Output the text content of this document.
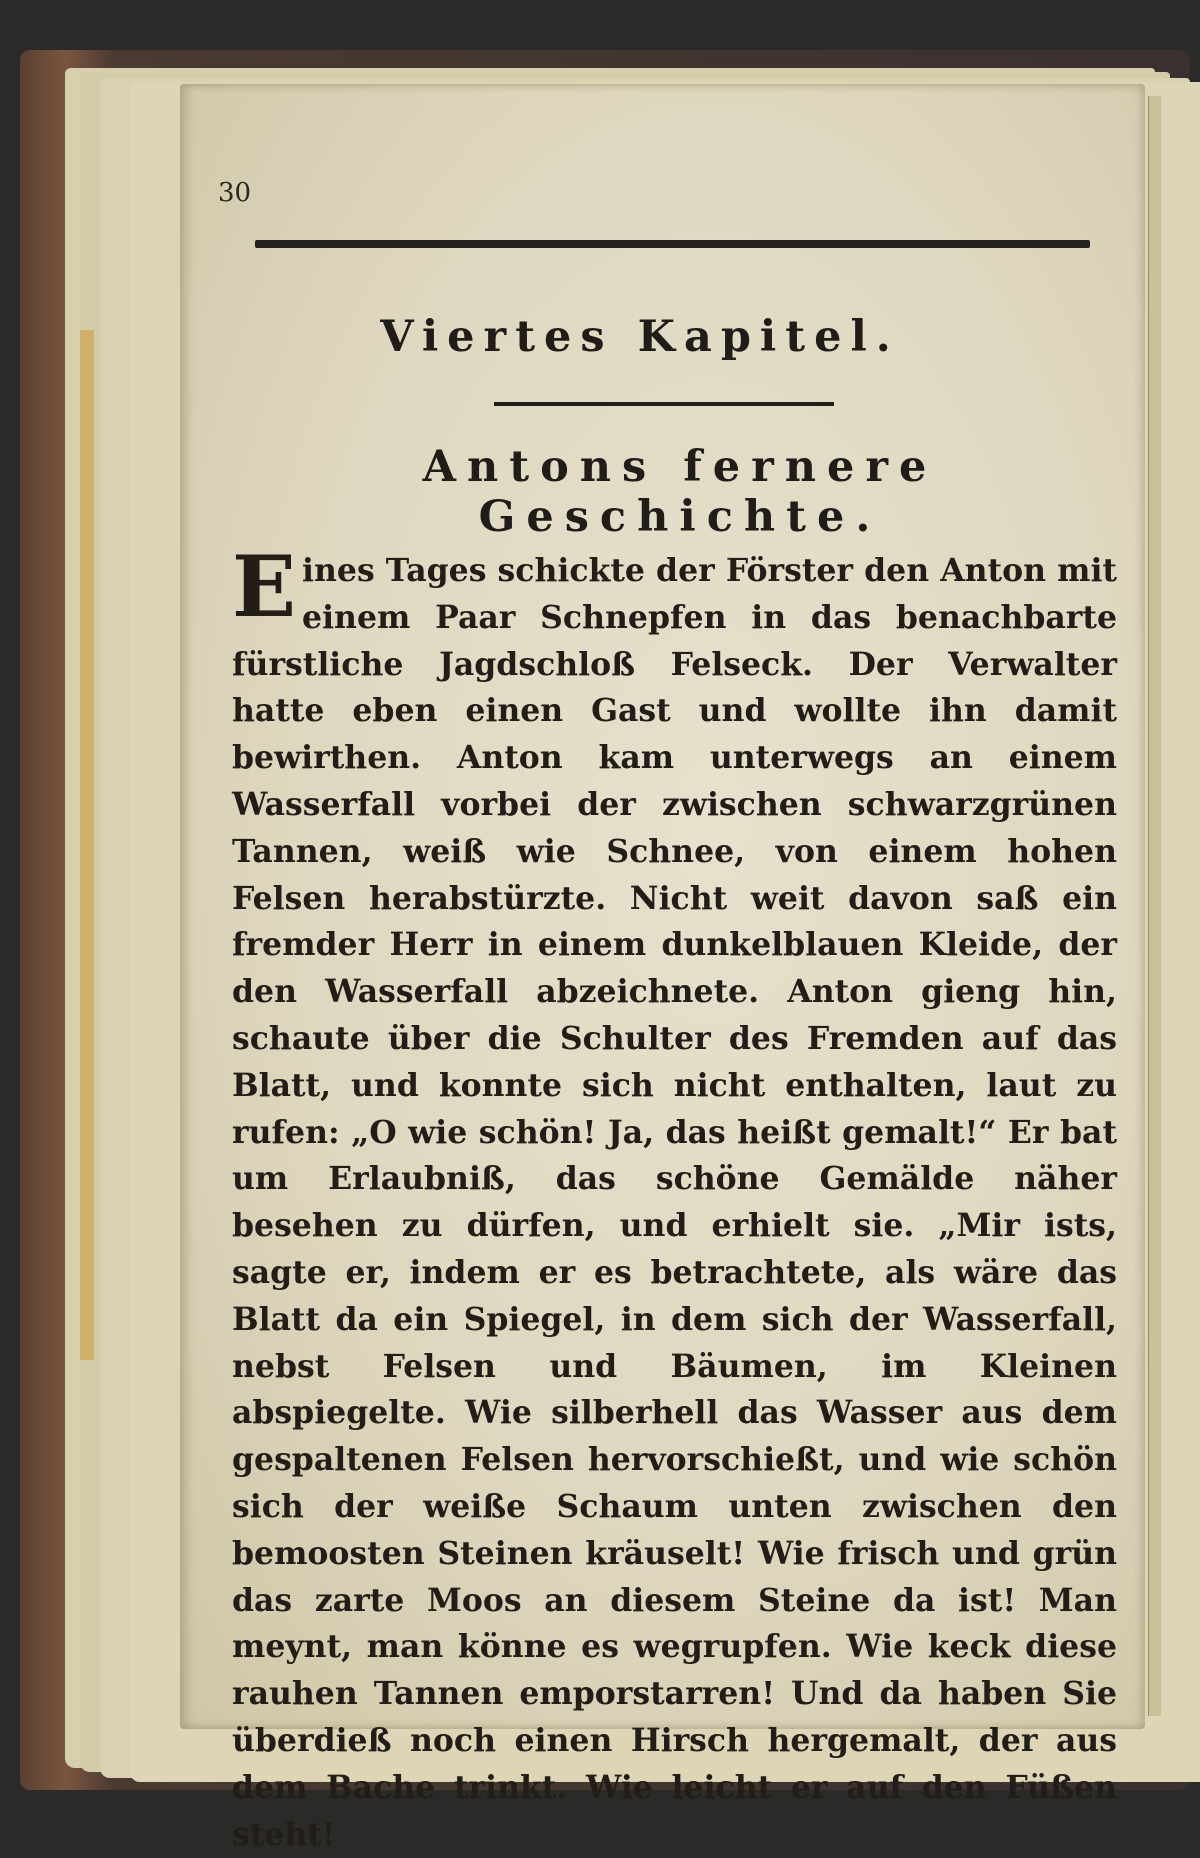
30
Viertes Kapitel.
Antons fernere Geschichte.
Eines Tages schickte der Förster den Anton mit einem Paar Schnepfen in das benachbarte fürstliche Jagdschloß Felseck. Der Verwalter hatte eben einen Gast und wollte ihn damit bewirthen. Anton kam unterwegs an einem Wasserfall vorbei der zwischen schwarzgrünen Tannen, weiß wie Schnee, von einem hohen Felsen herabstürzte. Nicht weit davon saß ein fremder Herr in einem dunkelblauen Kleide, der den Wasserfall abzeichnete. Anton gieng hin, schaute über die Schulter des Fremden auf das Blatt, und konnte sich nicht enthalten, laut zu rufen: „O wie schön! Ja, das heißt gemalt!“ Er bat um Erlaubniß, das schöne Gemälde näher besehen zu dürfen, und erhielt sie. „Mir ists, sagte er, indem er es betrachtete, als wäre das Blatt da ein Spiegel, in dem sich der Wasserfall, nebst Felsen und Bäumen, im Kleinen abspiegelte. Wie silberhell das Wasser aus dem gespaltenen Felsen hervorschießt, und wie schön sich der weiße Schaum unten zwischen den bemoosten Steinen kräuselt! Wie frisch und grün das zarte Moos an diesem Steine da ist! Man meynt, man könne es wegrupfen. Wie keck diese rauhen Tannen emporstarren! Und da haben Sie überdieß noch einen Hirsch hergemalt, der aus dem Bache trinkt. Wie leicht er auf den Füßen steht!
